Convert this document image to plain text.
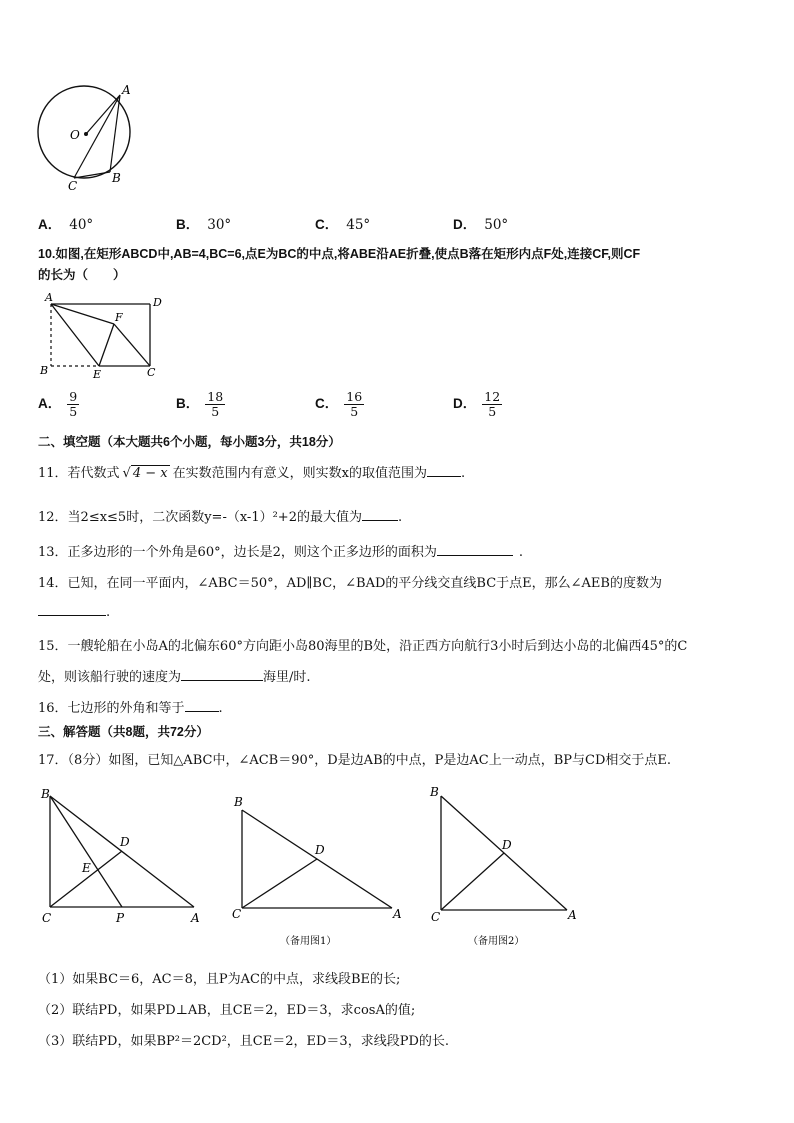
A
O
C
B
A． 40°	B． 30°	C． 45°	D． 50°
10.如图,在矩形ABCD中,AB=4,BC=6,点E为BC的中点,将ABE沿AE折叠,使点B落在矩形内点F处,连接CF,则CF
的长为（　　）
A	D
F
B	E	C
A． $\frac{9}{5}$	B． $\frac{18}{5}$	C． $\frac{16}{5}$	D． $\frac{12}{5}$
二、填空题（本大题共6个小题，每小题3分，共18分）
11．若代数式 √ 4 − x 在实数范围内有意义，则实数x的取值范围为	.
12．当2≤x≤5时，二次函数y=-（x-1）²+2的最大值为	.
13．正多边形的一个外角是60°，边长是2，则这个正多边形的面积为	.
14．已知，在同一平面内，∠ABC＝50°，AD∥BC，∠BAD的平分线交直线BC于点E，那么∠AEB的度数为
.
15．一艘轮船在小岛A的北偏东60°方向距小岛80海里的B处，沿正西方向航行3小时后到达小岛的北偏西45°的C
处，则该船行驶的速度为	海里/时.
16．七边形的外角和等于	.
三、解答题（共8题，共72分）
17．（8分）如图，已知△ABC中，∠ACB＝90°，D是边AB的中点，P是边AC上一动点，BP与CD相交于点E.
B
D
E
C	P	A
B
D
C	A
（备用图1）
B
D
C	A
（备用图2）
（1）如果BC＝6，AC＝8，且P为AC的中点，求线段BE的长;
（2）联结PD，如果PD⊥AB，且CE＝2，ED＝3，求cosA的值;
（3）联结PD，如果BP²＝2CD²，且CE＝2，ED＝3，求线段PD的长.
